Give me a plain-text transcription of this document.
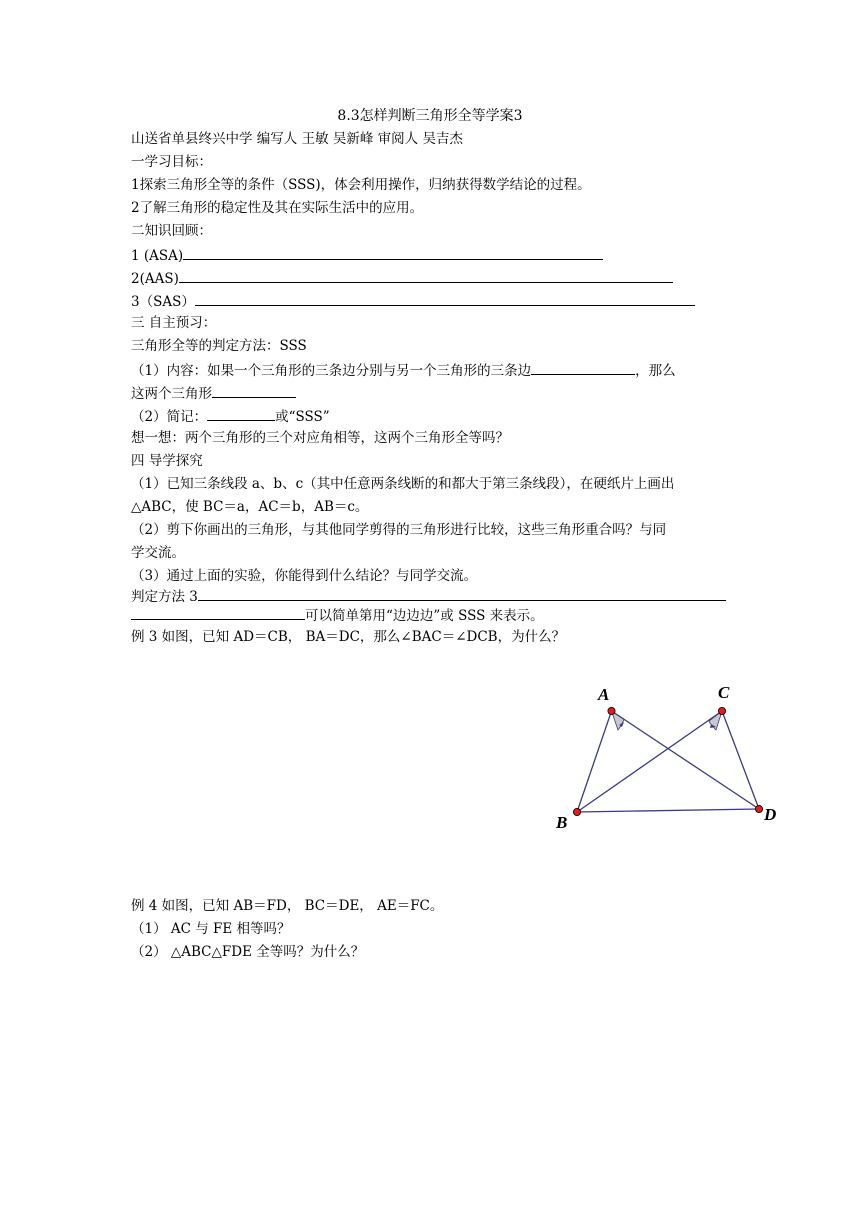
8.3怎样判断三角形全等学案3
山送省单县终兴中学 编写人 王敏 吴新峰 审阅人 吴吉杰
一学习目标：
1探索三角形全等的条件（SSS)，体会利用操作，归纳获得数学结论的过程。
2了解三角形的稳定性及其在实际生活中的应用。
二知识回顾：
1 (ASA)
2(AAS)
3（SAS）
三 自主预习：
三角形全等的判定方法：SSS
（1）内容：如果一个三角形的三条边分别与另一个三角形的三条边	，那么
这两个三角形
（2）简记：	或“SSS”
想一想：两个三角形的三个对应角相等，这两个三角形全等吗？
四 导学探究
（1）已知三条线段 a、b、c（其中任意两条线断的和都大于第三条线段），在硬纸片上画出
△ABC，使 BC＝a，AC＝b，AB＝c。
（2）剪下你画出的三角形，与其他同学剪得的三角形进行比较，这些三角形重合吗？与同
学交流。
（3）通过上面的实验，你能得到什么结论？与同学交流。
判定方法 3
可以简单第用“边边边”或 SSS 来表示。
例 3 如图，已知 AD＝CB， BA＝DC，那么∠BAC＝∠DCB，为什么？
A	C
B	D
例 4 如图，已知 AB＝FD， BC＝DE， AE＝FC。
（1） AC 与 FE 相等吗？
（2） △ABC△FDE 全等吗？为什么？
